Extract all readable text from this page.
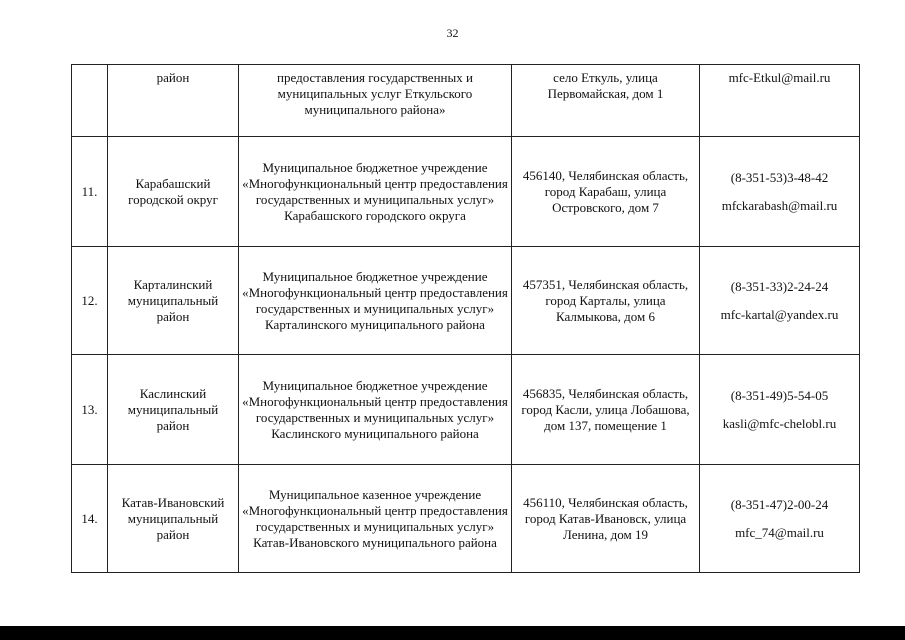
32
	район	предоставления государственных и муниципальных услуг Еткульского муниципального района»	село Еткуль, улица Первомайская, дом 1	mfc-Etkul@mail.ru

11.	Карабашский городской округ	Муниципальное бюджетное учреждение «Многофункциональный центр предоставления государственных и муниципальных услуг» Карабашского городского округа	456140, Челябинская область, город Карабаш, улица Островского, дом 7	(8-351-53)3-48-42
mfckarabash@mail.ru

12.	Карталинский муниципальный район	Муниципальное бюджетное учреждение «Многофункциональный центр предоставления государственных и муниципальных услуг» Карталинского муниципального района	457351, Челябинская область, город Карталы, улица Калмыкова, дом 6	(8-351-33)2-24-24
mfc-kartal@yandex.ru

13.	Каслинский муниципальный район	Муниципальное бюджетное учреждение «Многофункциональный центр предоставления государственных и муниципальных услуг» Каслинского муниципального района	456835, Челябинская область, город Касли, улица Лобашова, дом 137, помещение 1	(8-351-49)5-54-05
kasli@mfc-chelobl.ru

14.	Катав-Ивановский муниципальный район	Муниципальное казенное учреждение «Многофункциональный центр предоставления государственных и муниципальных услуг» Катав-Ивановского муниципального района	456110, Челябинская область, город Катав-Ивановск, улица Ленина, дом 19	(8-351-47)2-00-24
mfc_74@mail.ru
